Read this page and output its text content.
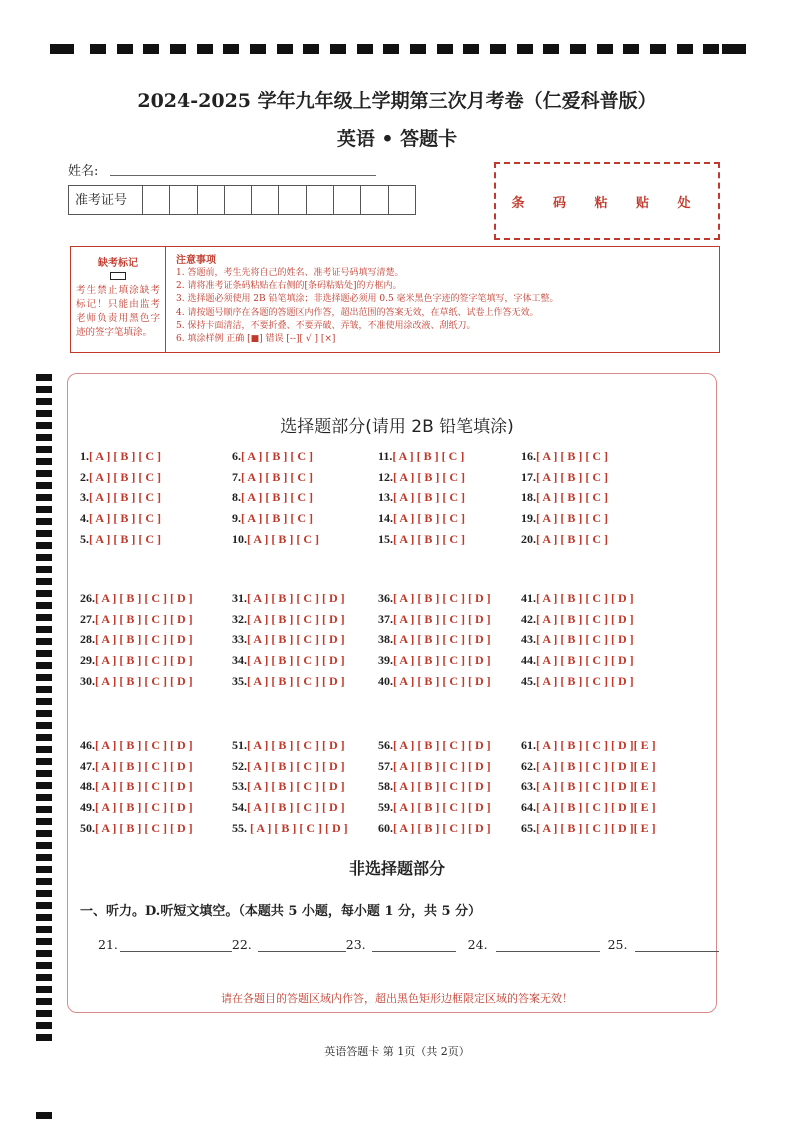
2024-2025 学年九年级上学期第三次月考卷（仁爱科普版）
英语 • 答题卡
姓名:
准考证号	条 码 粘 贴 处
缺考标记
考生禁止填涂缺考标记！只能由监考老师负责用黑色字迹的签字笔填涂。
注意事项
1. 答题前，考生先将自己的姓名、准考证号码填写清楚。
2. 请将准考证条码粘贴在右侧的[条码粘贴处]的方框内。
3. 选择题必须使用 2B 铅笔填涂；非选择题必须用 0.5 毫米黑色字迹的签字笔填写，字体工整。
4. 请按题号顺序在各题的答题区内作答，超出范围的答案无效，在草纸、试卷上作答无效。
5. 保持卡面清洁，不要折叠、不要弄破、弄皱，不准使用涂改液、刮纸刀。
6. 填涂样例 正确 [■] 错误 [--][ √ ] [×]
选择题部分(请用 2B 铅笔填涂)
1.[ A ] [ B ] [ C ]	6.[ A ] [ B ] [ C ]	11.[ A ] [ B ] [ C ]	16.[ A ] [ B ] [ C ]
2.[ A ] [ B ] [ C ]	7.[ A ] [ B ] [ C ]	12.[ A ] [ B ] [ C ]	17.[ A ] [ B ] [ C ]
3.[ A ] [ B ] [ C ]	8.[ A ] [ B ] [ C ]	13.[ A ] [ B ] [ C ]	18.[ A ] [ B ] [ C ]
4.[ A ] [ B ] [ C ]	9.[ A ] [ B ] [ C ]	14.[ A ] [ B ] [ C ]	19.[ A ] [ B ] [ C ]
5.[ A ] [ B ] [ C ]	10.[ A ] [ B ] [ C ]	15.[ A ] [ B ] [ C ]	20.[ A ] [ B ] [ C ]
26.[ A ] [ B ] [ C ] [ D ]	31.[ A ] [ B ] [ C ] [ D ]	36.[ A ] [ B ] [ C ] [ D ]	41.[ A ] [ B ] [ C ] [ D ]
27.[ A ] [ B ] [ C ] [ D ]	32.[ A ] [ B ] [ C ] [ D ]	37.[ A ] [ B ] [ C ] [ D ]	42.[ A ] [ B ] [ C ] [ D ]
28.[ A ] [ B ] [ C ] [ D ]	33.[ A ] [ B ] [ C ] [ D ]	38.[ A ] [ B ] [ C ] [ D ]	43.[ A ] [ B ] [ C ] [ D ]
29.[ A ] [ B ] [ C ] [ D ]	34.[ A ] [ B ] [ C ] [ D ]	39.[ A ] [ B ] [ C ] [ D ]	44.[ A ] [ B ] [ C ] [ D ]
30.[ A ] [ B ] [ C ] [ D ]	35.[ A ] [ B ] [ C ] [ D ]	40.[ A ] [ B ] [ C ] [ D ]	45.[ A ] [ B ] [ C ] [ D ]
46.[ A ] [ B ] [ C ] [ D ]	51.[ A ] [ B ] [ C ] [ D ]	56.[ A ] [ B ] [ C ] [ D ]	61.[ A ] [ B ] [ C ] [ D ][ E ]
47.[ A ] [ B ] [ C ] [ D ]	52.[ A ] [ B ] [ C ] [ D ]	57.[ A ] [ B ] [ C ] [ D ]	62.[ A ] [ B ] [ C ] [ D ][ E ]
48.[ A ] [ B ] [ C ] [ D ]	53.[ A ] [ B ] [ C ] [ D ]	58.[ A ] [ B ] [ C ] [ D ]	63.[ A ] [ B ] [ C ] [ D ][ E ]
49.[ A ] [ B ] [ C ] [ D ]	54.[ A ] [ B ] [ C ] [ D ]	59.[ A ] [ B ] [ C ] [ D ]	64.[ A ] [ B ] [ C ] [ D ][ E ]
50.[ A ] [ B ] [ C ] [ D ]	55. [ A ] [ B ] [ C ] [ D ]	60.[ A ] [ B ] [ C ] [ D ]	65.[ A ] [ B ] [ C ] [ D ][ E ]
非选择题部分
一、听力。D.听短文填空。（本题共 5 小题，每小题 1 分，共 5 分）
21.	22.	23.	24.	25.
请在各题目的答题区域内作答，超出黑色矩形边框限定区域的答案无效！
英语答题卡 第 1页（共 2页）
